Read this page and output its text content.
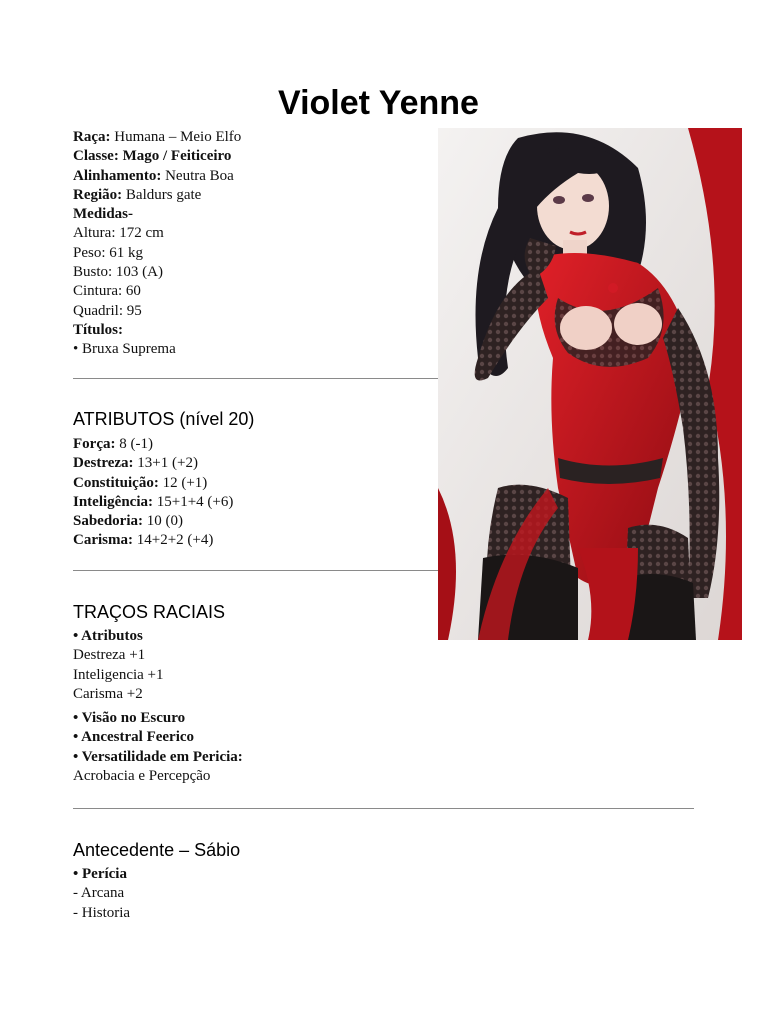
Violet Yenne
Raça: Humana – Meio Elfo
Classe: Mago / Feiticeiro
Alinhamento: Neutra Boa
Região: Baldurs gate
Medidas-
Altura: 172 cm
Peso: 61 kg
Busto: 103 (A)
Cintura: 60
Quadril: 95
Títulos:
• Bruxa Suprema
ATRIBUTOS (nível 20)
Força: 8 (-1)
Destreza: 13+1 (+2)
Constituição: 12 (+1)
Inteligência: 15+1+4 (+6)
Sabedoria: 10 (0)
Carisma: 14+2+2 (+4)
TRAÇOS RACIAIS
• Atributos
Destreza +1
Inteligencia +1
Carisma +2
• Visão no Escuro
• Ancestral Feerico
• Versatilidade em Pericia:
Acrobacia e Percepção
Antecedente – Sábio
• Perícia
- Arcana
- Historia
